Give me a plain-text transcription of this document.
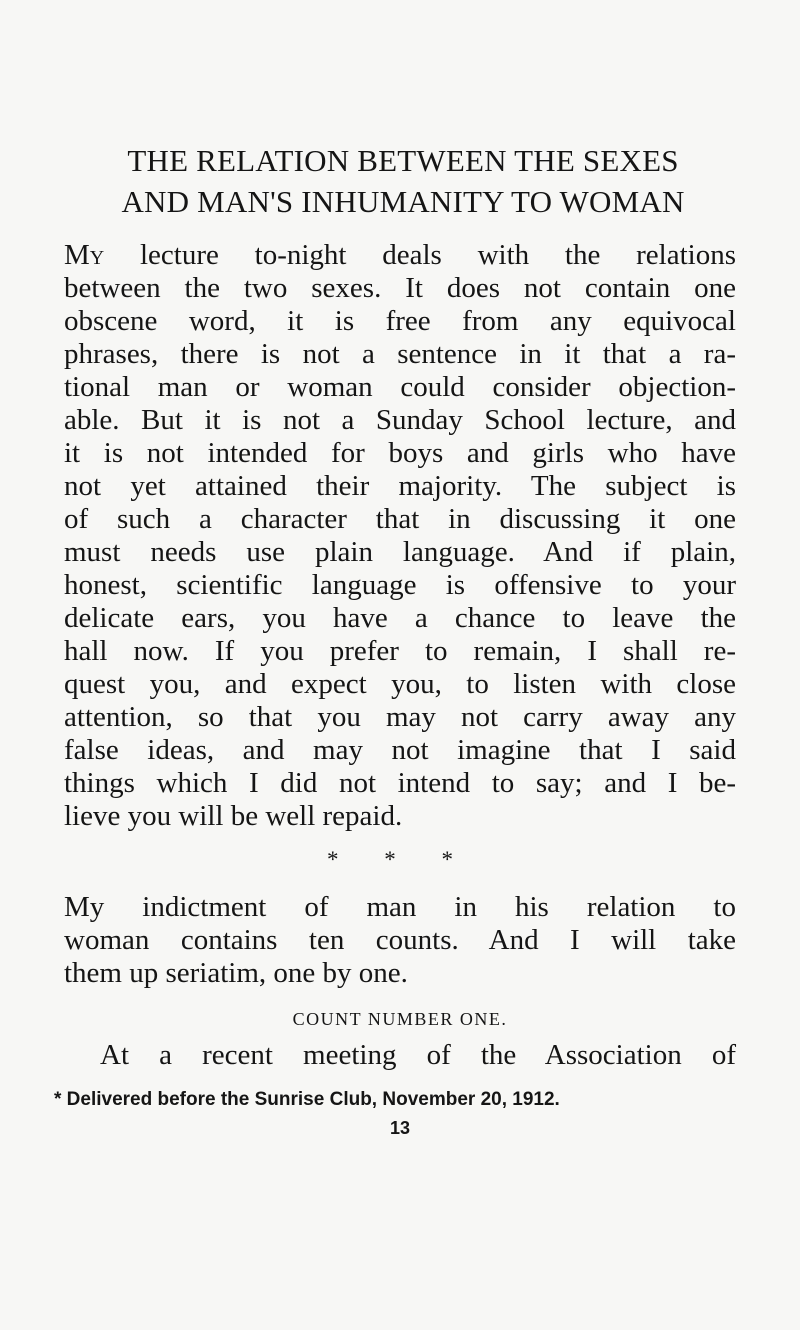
THE RELATION BETWEEN THE SEXES
AND MAN'S INHUMANITY TO WOMAN
My lecture to-night deals with the relations
between the two sexes. It does not contain one
obscene word, it is free from any equivocal
phrases, there is not a sentence in it that a ra-
tional man or woman could consider objection-
able. But it is not a Sunday School lecture, and
it is not intended for boys and girls who have
not yet attained their majority. The subject is
of such a character that in discussing it one
must needs use plain language. And if plain,
honest, scientific language is offensive to your
delicate ears, you have a chance to leave the
hall now. If you prefer to remain, I shall re-
quest you, and expect you, to listen with close
attention, so that you may not carry away any
false ideas, and may not imagine that I said
things which I did not intend to say; and I be-
lieve you will be well repaid.
* * *
My indictment of man in his relation to
woman contains ten counts. And I will take
them up seriatim, one by one.
COUNT NUMBER ONE.
At a recent meeting of the Association of
* Delivered before the Sunrise Club, November 20, 1912.
13
